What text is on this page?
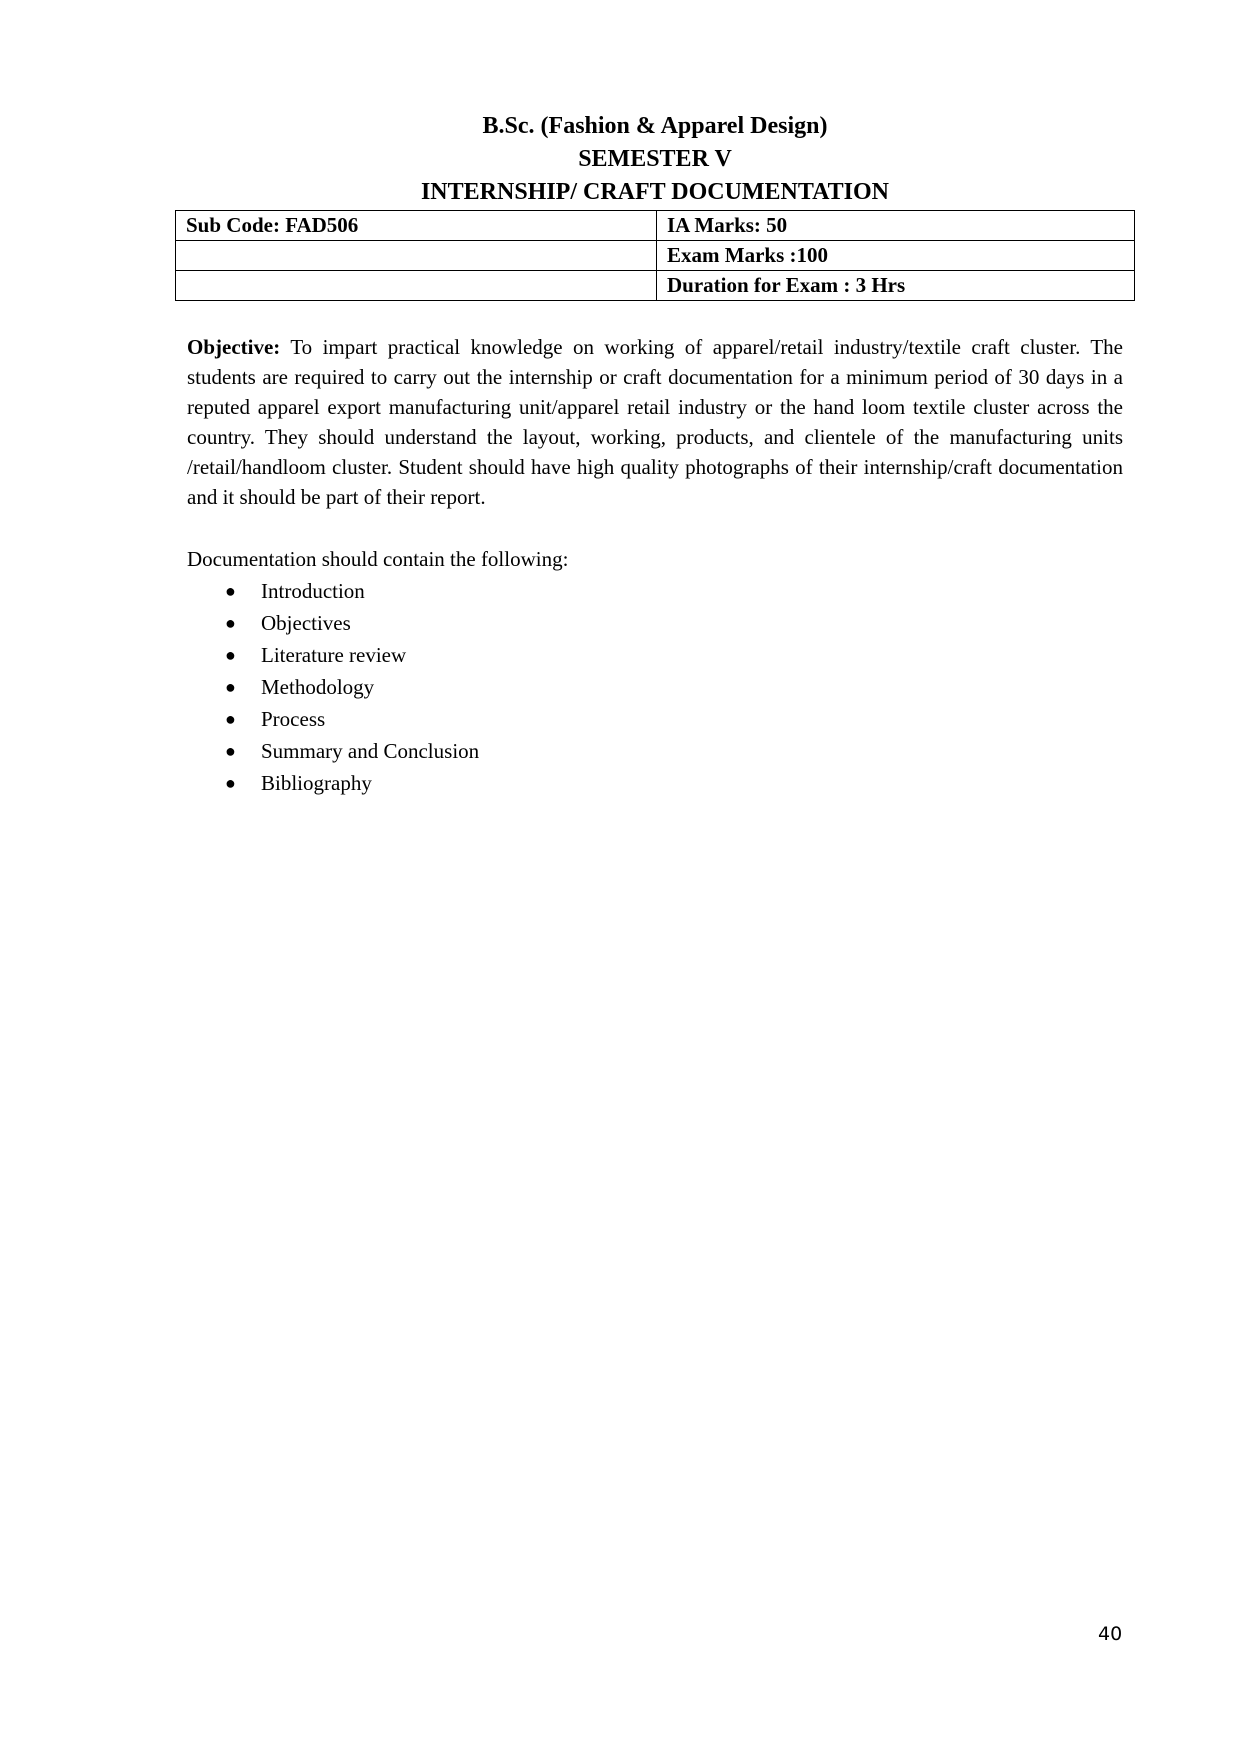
B.Sc. (Fashion & Apparel Design)
SEMESTER V
INTERNSHIP/ CRAFT DOCUMENTATION
Sub Code: FAD506	IA Marks: 50
	Exam Marks :100
	Duration for Exam : 3 Hrs

Objective: To impart practical knowledge on working of apparel/retail industry/textile craft cluster. The students are required to carry out the internship or craft documentation for a minimum period of 30 days in a reputed apparel export manufacturing unit/apparel retail industry or the hand loom textile cluster across the country. They should understand the layout, working, products, and clientele of the manufacturing units /retail/handloom cluster. Student should have high quality photographs of their internship/craft documentation and it should be part of their report.

Documentation should contain the following:

● Introduction
● Objectives
● Literature review
● Methodology
● Process
● Summary and Conclusion
● Bibliography
40
